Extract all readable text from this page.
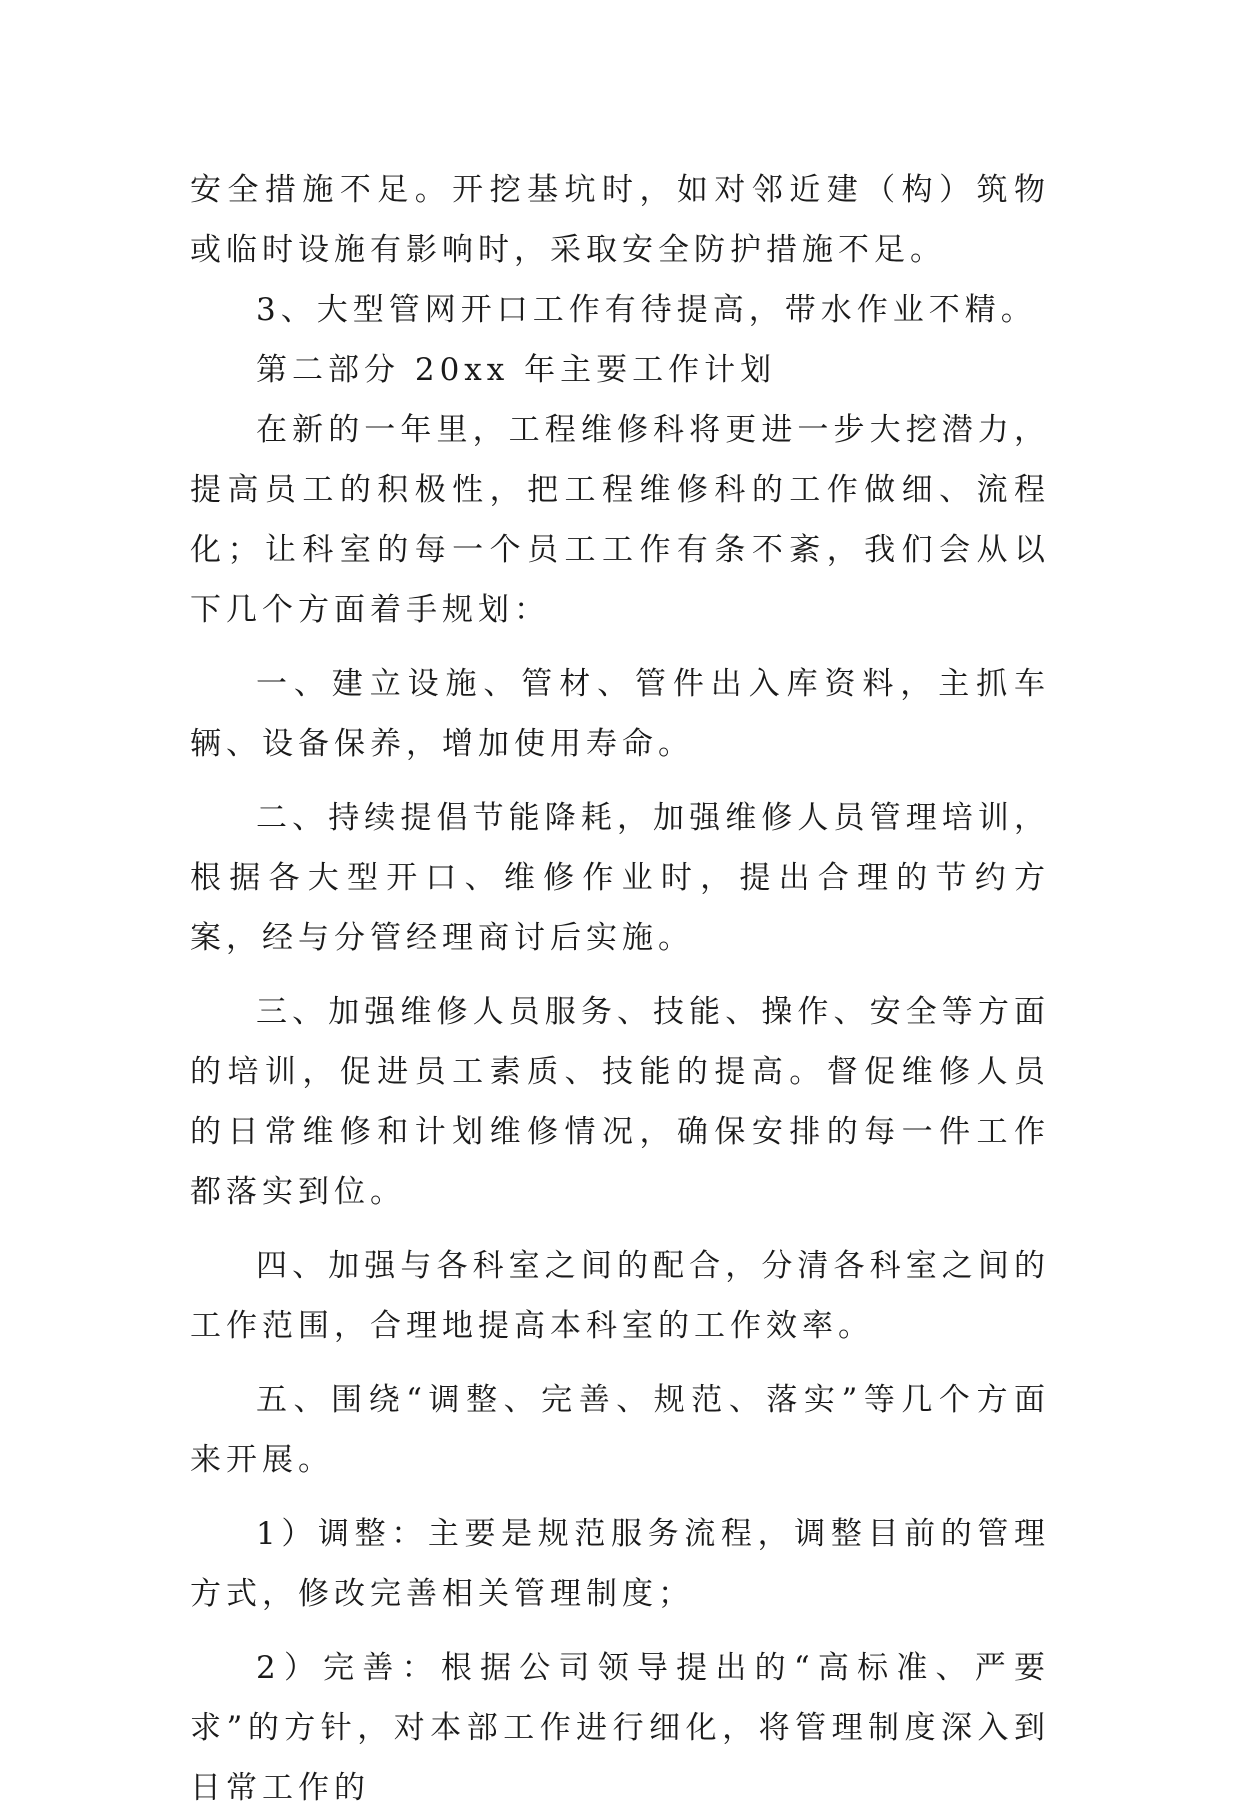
安全措施不足。开挖基坑时，如对邻近建（构）筑物或临时设施有影响时，采取安全防护措施不足。

3、大型管网开口工作有待提高，带水作业不精。

第二部分 20xx 年主要工作计划

在新的一年里，工程维修科将更进一步大挖潜力，提高员工的积极性，把工程维修科的工作做细、流程化；让科室的每一个员工工作有条不紊，我们会从以下几个方面着手规划：

一、建立设施、管材、管件出入库资料，主抓车辆、设备保养，增加使用寿命。

二、持续提倡节能降耗，加强维修人员管理培训，根据各大型开口、维修作业时，提出合理的节约方案，经与分管经理商讨后实施。

三、加强维修人员服务、技能、操作、安全等方面的培训，促进员工素质、技能的提高。督促维修人员的日常维修和计划维修情况，确保安排的每一件工作都落实到位。

四、加强与各科室之间的配合，分清各科室之间的工作范围，合理地提高本科室的工作效率。

五、围绕“调整、完善、规范、落实”等几个方面来开展。

1）调整：主要是规范服务流程，调整目前的管理方式，修改完善相关管理制度；

2）完善：根据公司领导提出的“高标准、严要求”的方针，对本部工作进行细化，将管理制度深入到日常工作的
